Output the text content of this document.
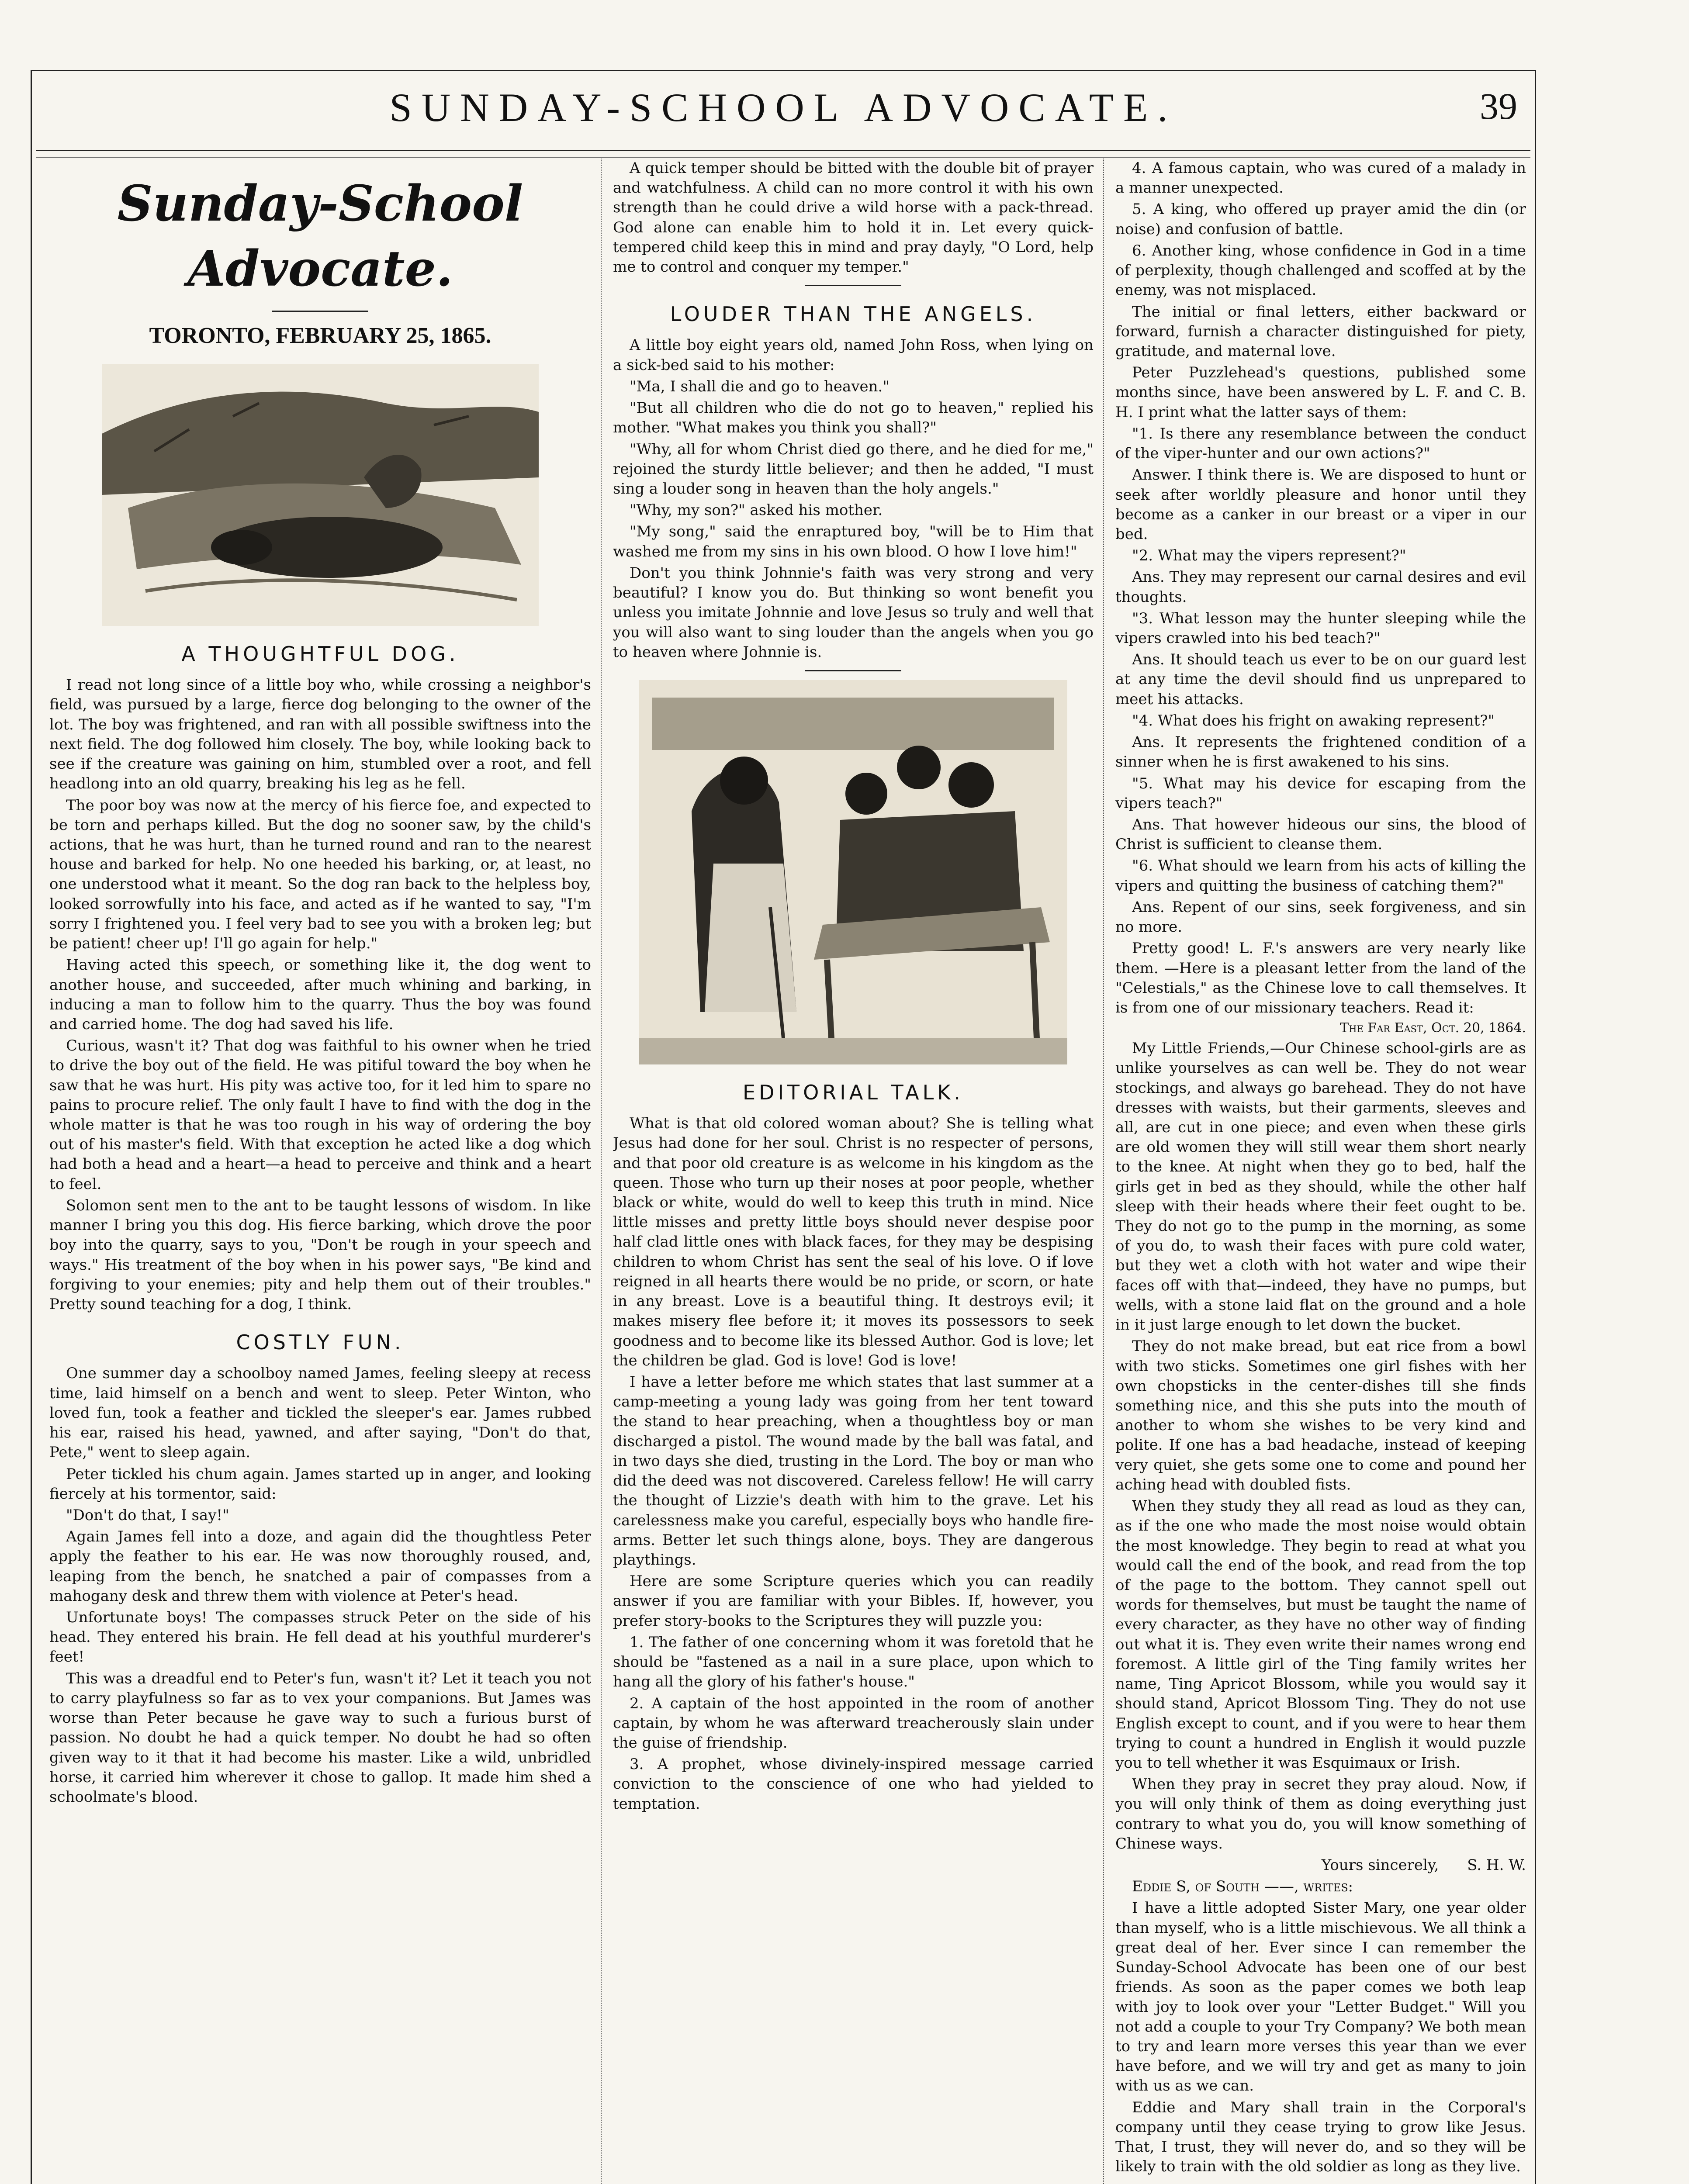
SUNDAY-SCHOOL ADVOCATE.	39
Sunday-School Advocate.
TORONTO, FEBRUARY 25, 1865.
A THOUGHTFUL DOG.

I read not long since of a little boy who, while crossing a neighbor's field, was pursued by a large, fierce dog belonging to the owner of the lot. The boy was frightened, and ran with all possible swiftness into the next field. The dog followed him closely. The boy, while looking back to see if the creature was gaining on him, stumbled over a root, and fell headlong into an old quarry, breaking his leg as he fell.

The poor boy was now at the mercy of his fierce foe, and expected to be torn and perhaps killed. But the dog no sooner saw, by the child's actions, that he was hurt, than he turned round and ran to the nearest house and barked for help. No one heeded his barking, or, at least, no one understood what it meant. So the dog ran back to the helpless boy, looked sorrowfully into his face, and acted as if he wanted to say, "I'm sorry I frightened you. I feel very bad to see you with a broken leg; but be patient! cheer up! I'll go again for help."

Having acted this speech, or something like it, the dog went to another house, and succeeded, after much whining and barking, in inducing a man to follow him to the quarry. Thus the boy was found and carried home. The dog had saved his life.

Curious, wasn't it? That dog was faithful to his owner when he tried to drive the boy out of the field. He was pitiful toward the boy when he saw that he was hurt. His pity was active too, for it led him to spare no pains to procure relief. The only fault I have to find with the dog in the whole matter is that he was too rough in his way of ordering the boy out of his master's field. With that exception he acted like a dog which had both a head and a heart—a head to perceive and think and a heart to feel.

Solomon sent men to the ant to be taught lessons of wisdom. In like manner I bring you this dog. His fierce barking, which drove the poor boy into the quarry, says to you, "Don't be rough in your speech and ways." His treatment of the boy when in his power says, "Be kind and forgiving to your enemies; pity and help them out of their troubles." Pretty sound teaching for a dog, I think.

COSTLY FUN.

One summer day a schoolboy named James, feeling sleepy at recess time, laid himself on a bench and went to sleep. Peter Winton, who loved fun, took a feather and tickled the sleeper's ear. James rubbed his ear, raised his head, yawned, and after saying, "Don't do that, Pete," went to sleep again.

Peter tickled his chum again. James started up in anger, and looking fiercely at his tormentor, said:

"Don't do that, I say!"

Again James fell into a doze, and again did the thoughtless Peter apply the feather to his ear. He was now thoroughly roused, and, leaping from the bench, he snatched a pair of compasses from a mahogany desk and threw them with violence at Peter's head.

Unfortunate boys! The compasses struck Peter on the side of his head. They entered his brain. He fell dead at his youthful murderer's feet!

This was a dreadful end to Peter's fun, wasn't it? Let it teach you not to carry playfulness so far as to vex your companions. But James was worse than Peter because he gave way to such a furious burst of passion. No doubt he had a quick temper. No doubt he had so often given way to it that it had become his master. Like a wild, unbridled horse, it carried him wherever it chose to gallop. It made him shed a schoolmate's blood.

A quick temper should be bitted with the double bit of prayer and watchfulness. A child can no more control it with his own strength than he could drive a wild horse with a pack-thread. God alone can enable him to hold it in. Let every quick-tempered child keep this in mind and pray dayly, "O Lord, help me to control and conquer my temper."

LOUDER THAN THE ANGELS.

A little boy eight years old, named John Ross, when lying on a sick-bed said to his mother:

"Ma, I shall die and go to heaven."

"But all children who die do not go to heaven," replied his mother. "What makes you think you shall?"

"Why, all for whom Christ died go there, and he died for me," rejoined the sturdy little believer; and then he added, "I must sing a louder song in heaven than the holy angels."

"Why, my son?" asked his mother.

"My song," said the enraptured boy, "will be to Him that washed me from my sins in his own blood. O how I love him!"

Don't you think Johnnie's faith was very strong and very beautiful? I know you do. But thinking so wont benefit you unless you imitate Johnnie and love Jesus so truly and well that you will also want to sing louder than the angels when you go to heaven where Johnnie is.

EDITORIAL TALK.

What is that old colored woman about? She is telling what Jesus had done for her soul. Christ is no respecter of persons, and that poor old creature is as welcome in his kingdom as the queen. Those who turn up their noses at poor people, whether black or white, would do well to keep this truth in mind. Nice little misses and pretty little boys should never despise poor half clad little ones with black faces, for they may be despising children to whom Christ has sent the seal of his love. O if love reigned in all hearts there would be no pride, or scorn, or hate in any breast. Love is a beautiful thing. It destroys evil; it makes misery flee before it; it moves its possessors to seek goodness and to become like its blessed Author. God is love; let the children be glad. God is love! God is love!

I have a letter before me which states that last summer at a camp-meeting a young lady was going from her tent toward the stand to hear preaching, when a thoughtless boy or man discharged a pistol. The wound made by the ball was fatal, and in two days she died, trusting in the Lord. The boy or man who did the deed was not discovered. Careless fellow! He will carry the thought of Lizzie's death with him to the grave. Let his carelessness make you careful, especially boys who handle fire-arms. Better let such things alone, boys. They are dangerous playthings.

Here are some Scripture queries which you can readily answer if you are familiar with your Bibles. If, however, you prefer story-books to the Scriptures they will puzzle you:

1. The father of one concerning whom it was foretold that he should be "fastened as a nail in a sure place, upon which to hang all the glory of his father's house."

2. A captain of the host appointed in the room of another captain, by whom he was afterward treacherously slain under the guise of friendship.

3. A prophet, whose divinely-inspired message carried conviction to the conscience of one who had yielded to temptation.

4. A famous captain, who was cured of a malady in a manner unexpected.

5. A king, who offered up prayer amid the din (or noise) and confusion of battle.

6. Another king, whose confidence in God in a time of perplexity, though challenged and scoffed at by the enemy, was not misplaced.

The initial or final letters, either backward or forward, furnish a character distinguished for piety, gratitude, and maternal love.

Peter Puzzlehead's questions, published some months since, have been answered by L. F. and C. B. H. I print what the latter says of them:

"1. Is there any resemblance between the conduct of the viper-hunter and our own actions?"

Answer. I think there is. We are disposed to hunt or seek after worldly pleasure and honor until they become as a canker in our breast or a viper in our bed.

"2. What may the vipers represent?"

Ans. They may represent our carnal desires and evil thoughts.

"3. What lesson may the hunter sleeping while the vipers crawled into his bed teach?"

Ans. It should teach us ever to be on our guard lest at any time the devil should find us unprepared to meet his attacks.

"4. What does his fright on awaking represent?"

Ans. It represents the frightened condition of a sinner when he is first awakened to his sins.

"5. What may his device for escaping from the vipers teach?"

Ans. That however hideous our sins, the blood of Christ is sufficient to cleanse them.

"6. What should we learn from his acts of killing the vipers and quitting the business of catching them?"

Ans. Repent of our sins, seek forgiveness, and sin no more.

Pretty good! L. F.'s answers are very nearly like them. —Here is a pleasant letter from the land of the "Celestials," as the Chinese love to call themselves. It is from one of our missionary teachers. Read it:

The Far East, Oct. 20, 1864.

My Little Friends,—Our Chinese school-girls are as unlike yourselves as can well be. They do not wear stockings, and always go barehead. They do not have dresses with waists, but their garments, sleeves and all, are cut in one piece; and even when these girls are old women they will still wear them short nearly to the knee. At night when they go to bed, half the girls get in bed as they should, while the other half sleep with their heads where their feet ought to be. They do not go to the pump in the morning, as some of you do, to wash their faces with pure cold water, but they wet a cloth with hot water and wipe their faces off with that—indeed, they have no pumps, but wells, with a stone laid flat on the ground and a hole in it just large enough to let down the bucket.

They do not make bread, but eat rice from a bowl with two sticks. Sometimes one girl fishes with her own chopsticks in the center-dishes till she finds something nice, and this she puts into the mouth of another to whom she wishes to be very kind and polite. If one has a bad headache, instead of keeping very quiet, she gets some one to come and pound her aching head with doubled fists.

When they study they all read as loud as they can, as if the one who made the most noise would obtain the most knowledge. They begin to read at what you would call the end of the book, and read from the top of the page to the bottom. They cannot spell out words for themselves, but must be taught the name of every character, as they have no other way of finding out what it is. They even write their names wrong end foremost. A little girl of the Ting family writes her name, Ting Apricot Blossom, while you would say it should stand, Apricot Blossom Ting. They do not use English except to count, and if you were to hear them trying to count a hundred in English it would puzzle you to tell whether it was Esquimaux or Irish.

When they pray in secret they pray aloud. Now, if you will only think of them as doing everything just contrary to what you do, you will know something of Chinese ways.

Yours sincerely, S. H. W.

Eddie S, of South ——, writes:

I have a little adopted Sister Mary, one year older than myself, who is a little mischievous. We all think a great deal of her. Ever since I can remember the Sunday-School Advocate has been one of our best friends. As soon as the paper comes we both leap with joy to look over your "Letter Budget." Will you not add a couple to your Try Company? We both mean to try and learn more verses this year than we ever have before, and we will try and get as many to join with us as we can.

Eddie and Mary shall train in the Corporal's company until they cease trying to grow like Jesus. That, I trust, they will never do, and so they will be likely to train with the old soldier as long as they live.
